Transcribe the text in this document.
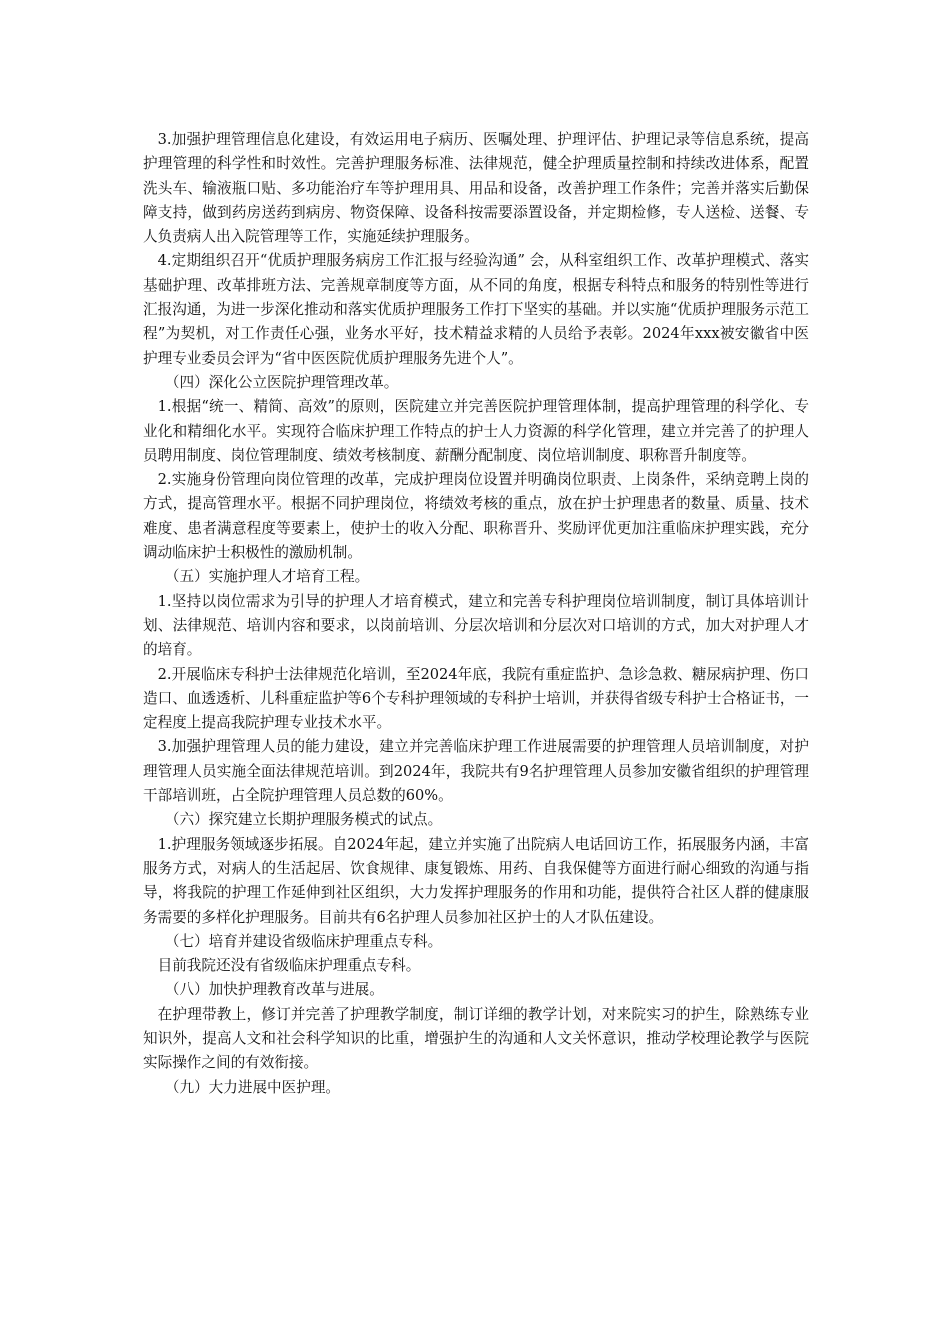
3.加强护理管理信息化建设，有效运用电子病历、医嘱处理、护理评估、护理记录等信息系统，提高护理管理的科学性和时效性。完善护理服务标准、法律规范，健全护理质量控制和持续改进体系，配置洗头车、输液瓶口贴、多功能治疗车等护理用具、用品和设备，改善护理工作条件；完善并落实后勤保障支持，做到药房送药到病房、物资保障、设备科按需要添置设备，并定期检修，专人送检、送餐、专人负责病人出入院管理等工作，实施延续护理服务。

4.定期组织召开“优质护理服务病房工作汇报与经验沟通” 会，从科室组织工作、改革护理模式、落实基础护理、改革排班方法、完善规章制度等方面，从不同的角度，根据专科特点和服务的特别性等进行汇报沟通，为进一步深化推动和落实优质护理服务工作打下坚实的基础。并以实施“优质护理服务示范工程”为契机，对工作责任心强，业务水平好，技术精益求精的人员给予表彰。2024年xxx被安徽省中医护理专业委员会评为“省中医医院优质护理服务先进个人”。

（四）深化公立医院护理管理改革。

1.根据“统一、精简、高效”的原则，医院建立并完善医院护理管理体制，提高护理管理的科学化、专业化和精细化水平。实现符合临床护理工作特点的护士人力资源的科学化管理，建立并完善了的护理人员聘用制度、岗位管理制度、绩效考核制度、薪酬分配制度、岗位培训制度、职称晋升制度等。

2.实施身份管理向岗位管理的改革，完成护理岗位设置并明确岗位职责、上岗条件，采纳竞聘上岗的方式，提高管理水平。根据不同护理岗位，将绩效考核的重点，放在护士护理患者的数量、质量、技术难度、患者满意程度等要素上，使护士的收入分配、职称晋升、奖励评优更加注重临床护理实践，充分调动临床护士积极性的激励机制。

（五）实施护理人才培育工程。

1.坚持以岗位需求为引导的护理人才培育模式，建立和完善专科护理岗位培训制度，制订具体培训计划、法律规范、培训内容和要求，以岗前培训、分层次培训和分层次对口培训的方式，加大对护理人才的培育。

2.开展临床专科护士法律规范化培训，至2024年底，我院有重症监护、急诊急救、糖尿病护理、伤口造口、血透透析、儿科重症监护等6个专科护理领域的专科护士培训，并获得省级专科护士合格证书，一定程度上提高我院护理专业技术水平。

3.加强护理管理人员的能力建设，建立并完善临床护理工作进展需要的护理管理人员培训制度，对护理管理人员实施全面法律规范培训。到2024年，我院共有9名护理管理人员参加安徽省组织的护理管理干部培训班，占全院护理管理人员总数的60%。

（六）探究建立长期护理服务模式的试点。

1.护理服务领域逐步拓展。自2024年起，建立并实施了出院病人电话回访工作，拓展服务内涵，丰富服务方式，对病人的生活起居、饮食规律、康复锻炼、用药、自我保健等方面进行耐心细致的沟通与指导，将我院的护理工作延伸到社区组织，大力发挥护理服务的作用和功能，提供符合社区人群的健康服务需要的多样化护理服务。目前共有6名护理人员参加社区护士的人才队伍建设。

（七）培育并建设省级临床护理重点专科。

目前我院还没有省级临床护理重点专科。

（八）加快护理教育改革与进展。

在护理带教上，修订并完善了护理教学制度，制订详细的教学计划，对来院实习的护生，除熟练专业知识外，提高人文和社会科学知识的比重，增强护生的沟通和人文关怀意识，推动学校理论教学与医院实际操作之间的有效衔接。

（九）大力进展中医护理。
